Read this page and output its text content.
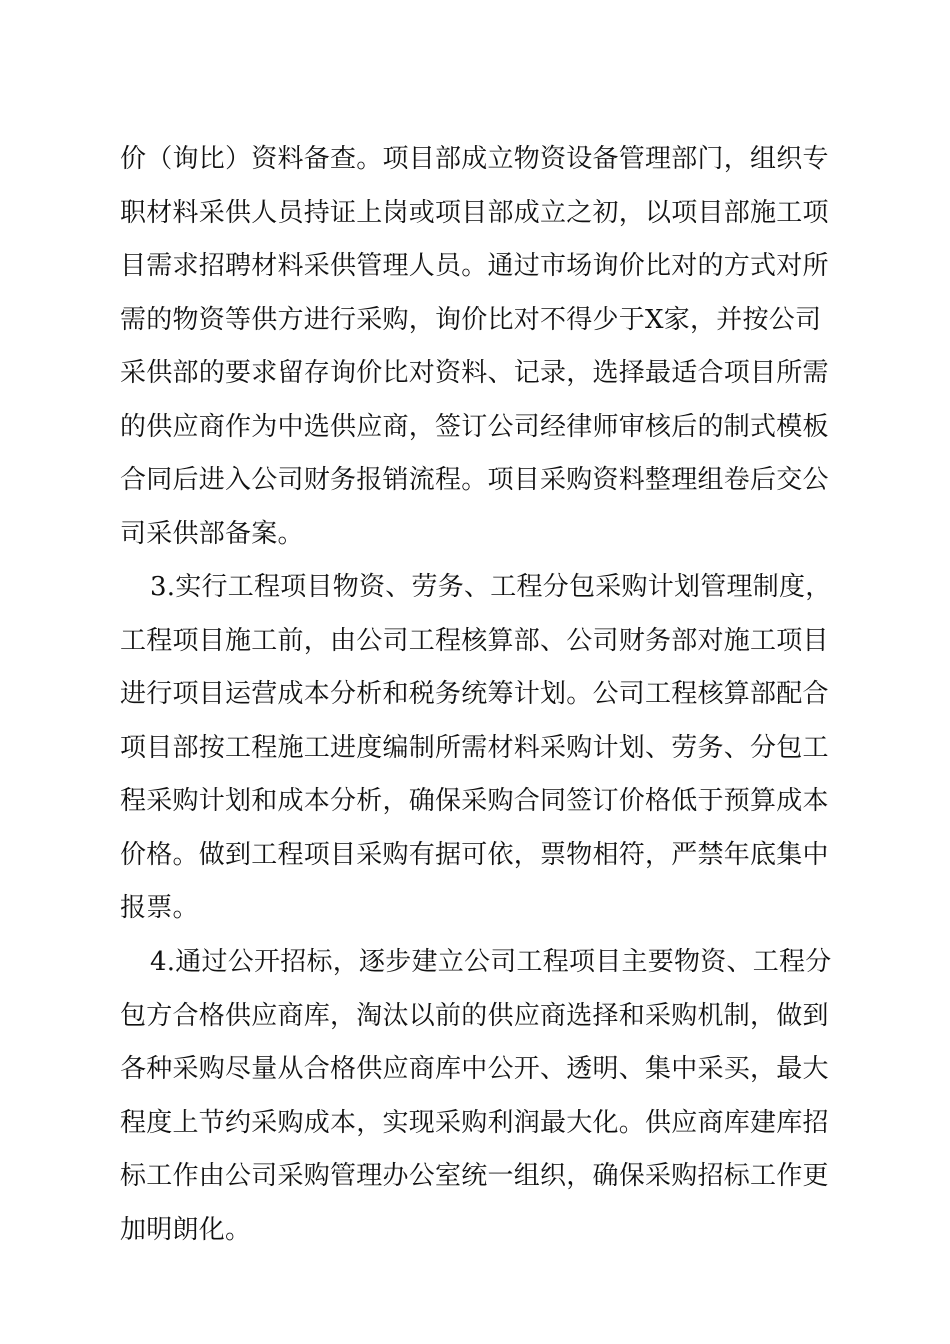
价（询比）资料备查。项目部成立物资设备管理部门，组织专
职材料采供人员持证上岗或项目部成立之初，以项目部施工项
目需求招聘材料采供管理人员。通过市场询价比对的方式对所
需的物资等供方进行采购，询价比对不得少于X家，并按公司
采供部的要求留存询价比对资料、记录，选择最适合项目所需
的供应商作为中选供应商，签订公司经律师审核后的制式模板
合同后进入公司财务报销流程。项目采购资料整理组卷后交公
司采供部备案。
3.实行工程项目物资、劳务、工程分包采购计划管理制度，
工程项目施工前，由公司工程核算部、公司财务部对施工项目
进行项目运营成本分析和税务统筹计划。公司工程核算部配合
项目部按工程施工进度编制所需材料采购计划、劳务、分包工
程采购计划和成本分析，确保采购合同签订价格低于预算成本
价格。做到工程项目采购有据可依，票物相符，严禁年底集中
报票。
4.通过公开招标，逐步建立公司工程项目主要物资、工程分
包方合格供应商库，淘汰以前的供应商选择和采购机制，做到
各种采购尽量从合格供应商库中公开、透明、集中采买，最大
程度上节约采购成本，实现采购利润最大化。供应商库建库招
标工作由公司采购管理办公室统一组织，确保采购招标工作更
加明朗化。
